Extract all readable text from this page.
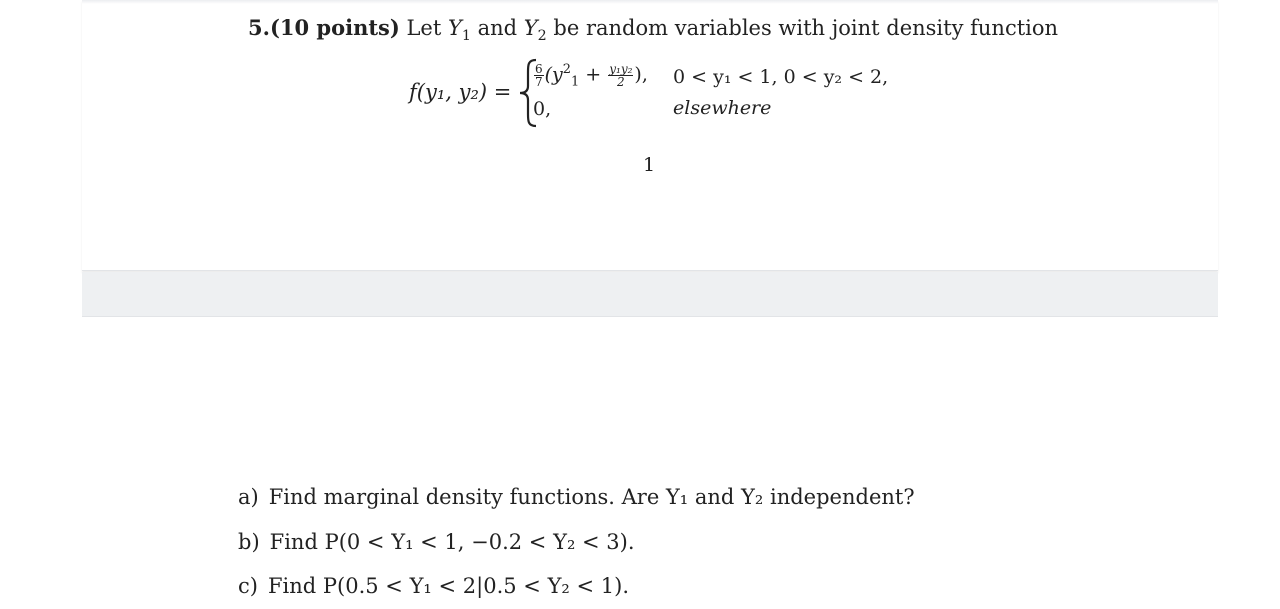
5.(10 points) Let $Y_1$ and $Y_2$ be random variables with joint density function
f(y₁, y₂) =
$\frac{6}{7} (y^2_1 + \frac{\text{y₁y₂}}{2}$ ), 0 < y₁ < 1, 0 < y₂ < 2,
0,	elsewhere
1
a) Find marginal density functions. Are Y₁ and Y₂ independent?
b) Find P(0 < Y₁ < 1, −0.2 < Y₂ < 3).
c) Find P(0.5 < Y₁ < 2|0.5 < Y₂ < 1).
